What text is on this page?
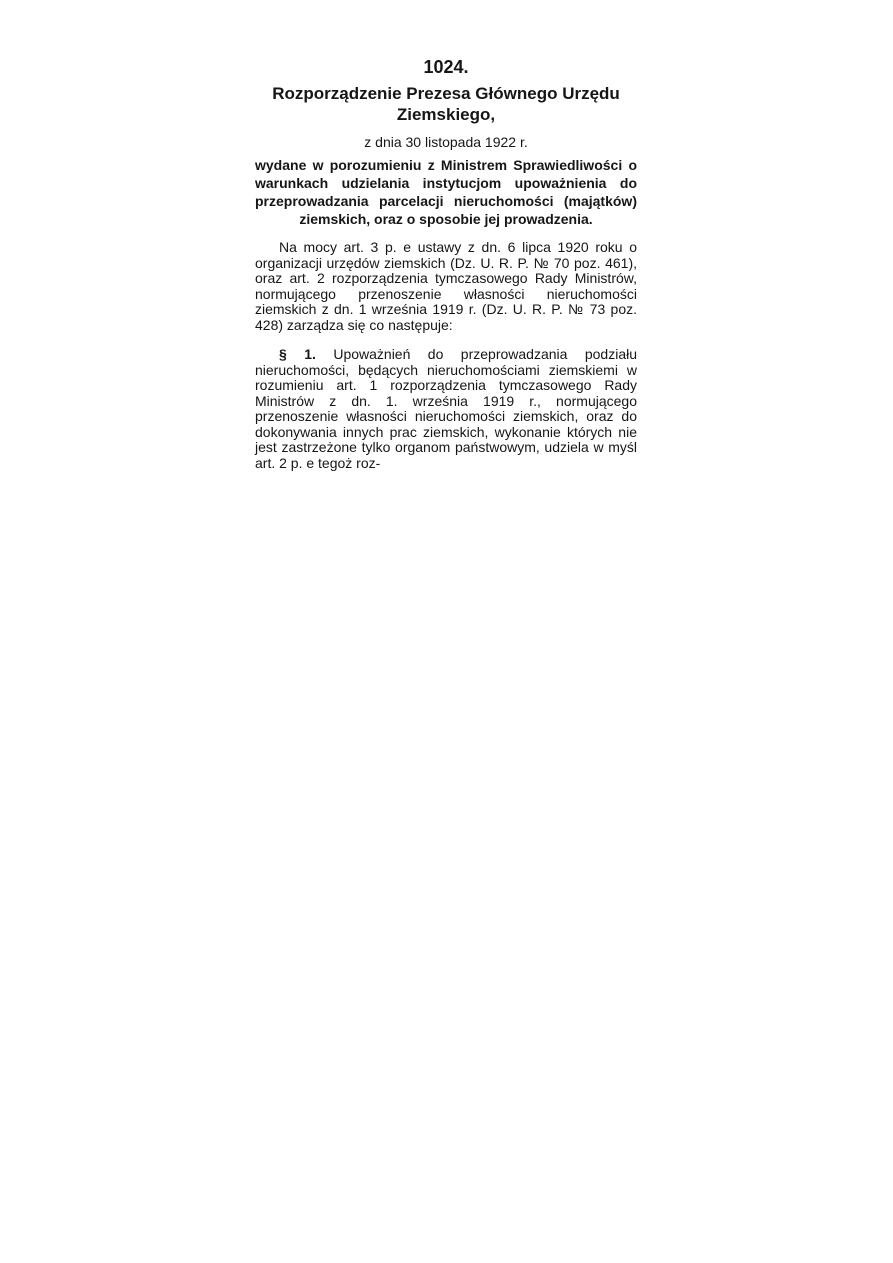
1024.
Rozporządzenie Prezesa Głównego Urzędu Ziemskiego,
z dnia 30 listopada 1922 r.
wydane w porozumieniu z Ministrem Sprawiedliwości o warunkach udzielania instytucjom upoważnienia do przeprowadzania parcelacji nieruchomości (majątków) ziemskich, oraz o sposobie jej prowadzenia.

Na mocy art. 3 p. e ustawy z dn. 6 lipca 1920 roku o organizacji urzędów ziemskich (Dz. U. R. P. № 70 poz. 461), oraz art. 2 rozporządzenia tymczasowego Rady Ministrów, normującego przenoszenie własności nieruchomości ziemskich z dn. 1 września 1919 r. (Dz. U. R. P. № 73 poz. 428) zarządza się co następuje:

§ 1. Upoważnień do przeprowadzania podziału nieruchomości, będących nieruchomościami ziemskiemi w rozumieniu art. 1 rozporządzenia tymczasowego Rady Ministrów z dn. 1. września 1919 r., normującego przenoszenie własności nieruchomości ziemskich, oraz do dokonywania innych prac ziemskich, wykonanie których nie jest zastrzeżone tylko organom państwowym, udziela w myśl art. 2 p. e tegoż roz-
